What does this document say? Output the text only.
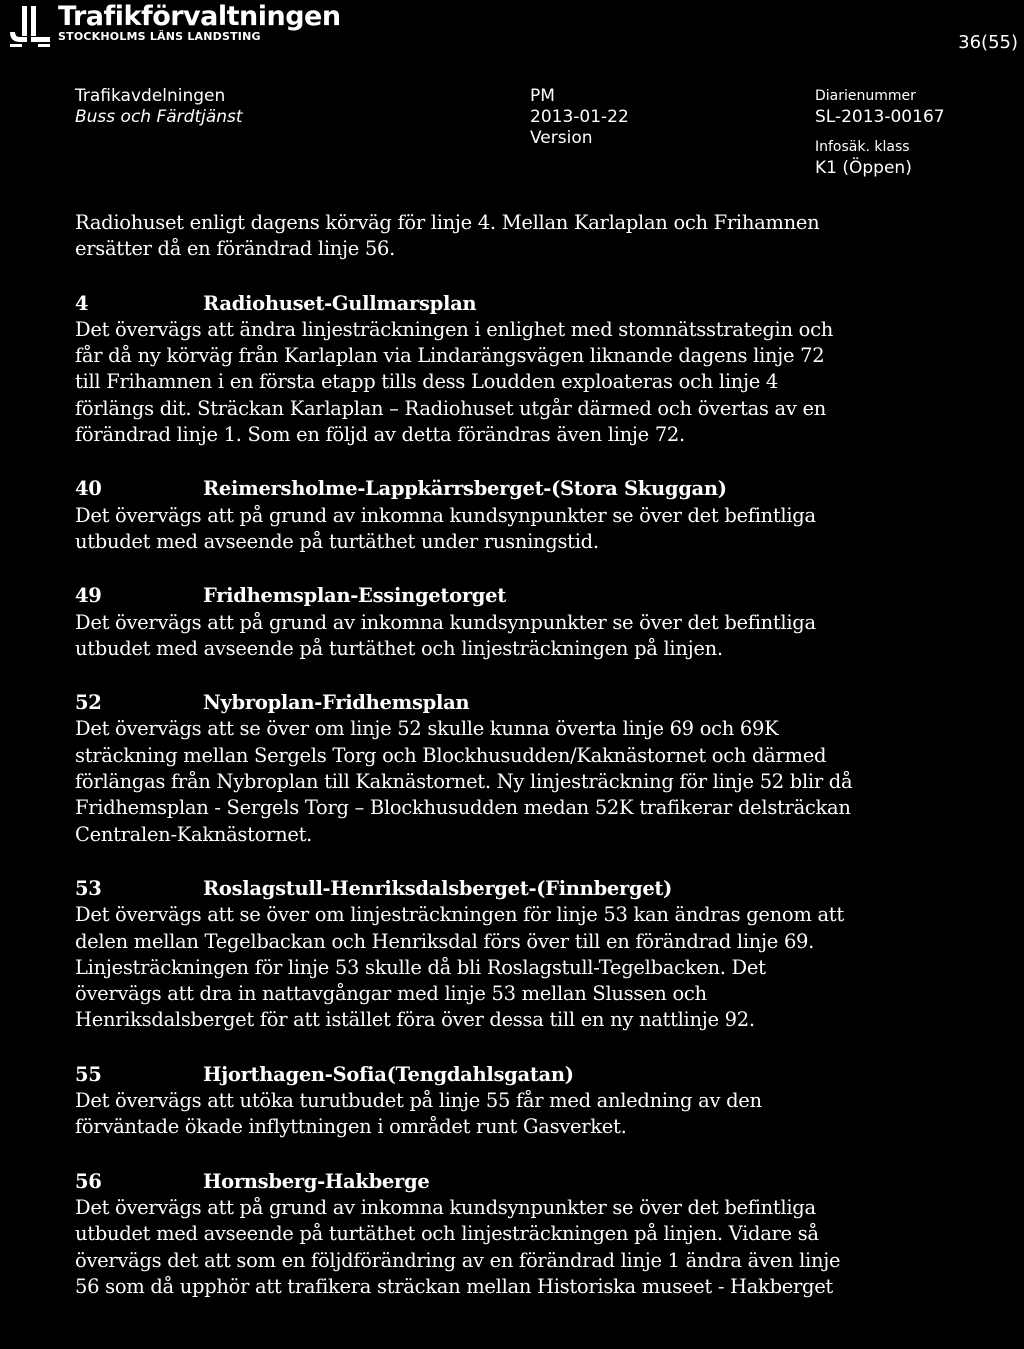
Trafikförvaltningen
STOCKHOLMS LÄNS LANDSTING	36(55)
Trafikavdelningen
Buss och Färdtjänst
PM
2013-01-22
Version
Diarienummer
SL-2013-00167
Infosäk. klass
K1 (Öppen)

Radiohuset enligt dagens körväg för linje 4. Mellan Karlaplan och Frihamnen ersätter då en förändrad linje 56.

4	Radiohuset-Gullmarsplan

Det övervägs att ändra linjesträckningen i enlighet med stomnätsstrategin och får då ny körväg från Karlaplan via Lindarängsvägen liknande dagens linje 72 till Frihamnen i en första etapp tills dess Loudden exploateras och linje 4 förlängs dit. Sträckan Karlaplan – Radiohuset utgår därmed och övertas av en förändrad linje 1. Som en följd av detta förändras även linje 72.

40	Reimersholme-Lappkärrsberget-(Stora Skuggan)

Det övervägs att på grund av inkomna kundsynpunkter se över det befintliga utbudet med avseende på turtäthet under rusningstid.

49	Fridhemsplan-Essingetorget

Det övervägs att på grund av inkomna kundsynpunkter se över det befintliga utbudet med avseende på turtäthet och linjesträckningen på linjen.

52	Nybroplan-Fridhemsplan

Det övervägs att se över om linje 52 skulle kunna överta linje 69 och 69K sträckning mellan Sergels Torg och Blockhusudden/Kaknästornet och därmed förlängas från Nybroplan till Kaknästornet. Ny linjesträckning för linje 52 blir då Fridhemsplan - Sergels Torg – Blockhusudden medan 52K trafikerar delsträckan Centralen-Kaknästornet.

53	Roslagstull-Henriksdalsberget-(Finnberget)

Det övervägs att se över om linjesträckningen för linje 53 kan ändras genom att delen mellan Tegelbackan och Henriksdal förs över till en förändrad linje 69. Linjesträckningen för linje 53 skulle då bli Roslagstull-Tegelbacken. Det övervägs att dra in nattavgångar med linje 53 mellan Slussen och Henriksdalsberget för att istället föra över dessa till en ny nattlinje 92.

55	Hjorthagen-Sofia(Tengdahlsgatan)

Det övervägs att utöka turutbudet på linje 55 får med anledning av den förväntade ökade inflyttningen i området runt Gasverket.

56	Hornsberg-Hakberge

Det övervägs att på grund av inkomna kundsynpunkter se över det befintliga utbudet med avseende på turtäthet och linjesträckningen på linjen. Vidare så övervägs det att som en följdförändring av en förändrad linje 1 ändra även linje 56 som då upphör att trafikera sträckan mellan Historiska museet - Hakberget
